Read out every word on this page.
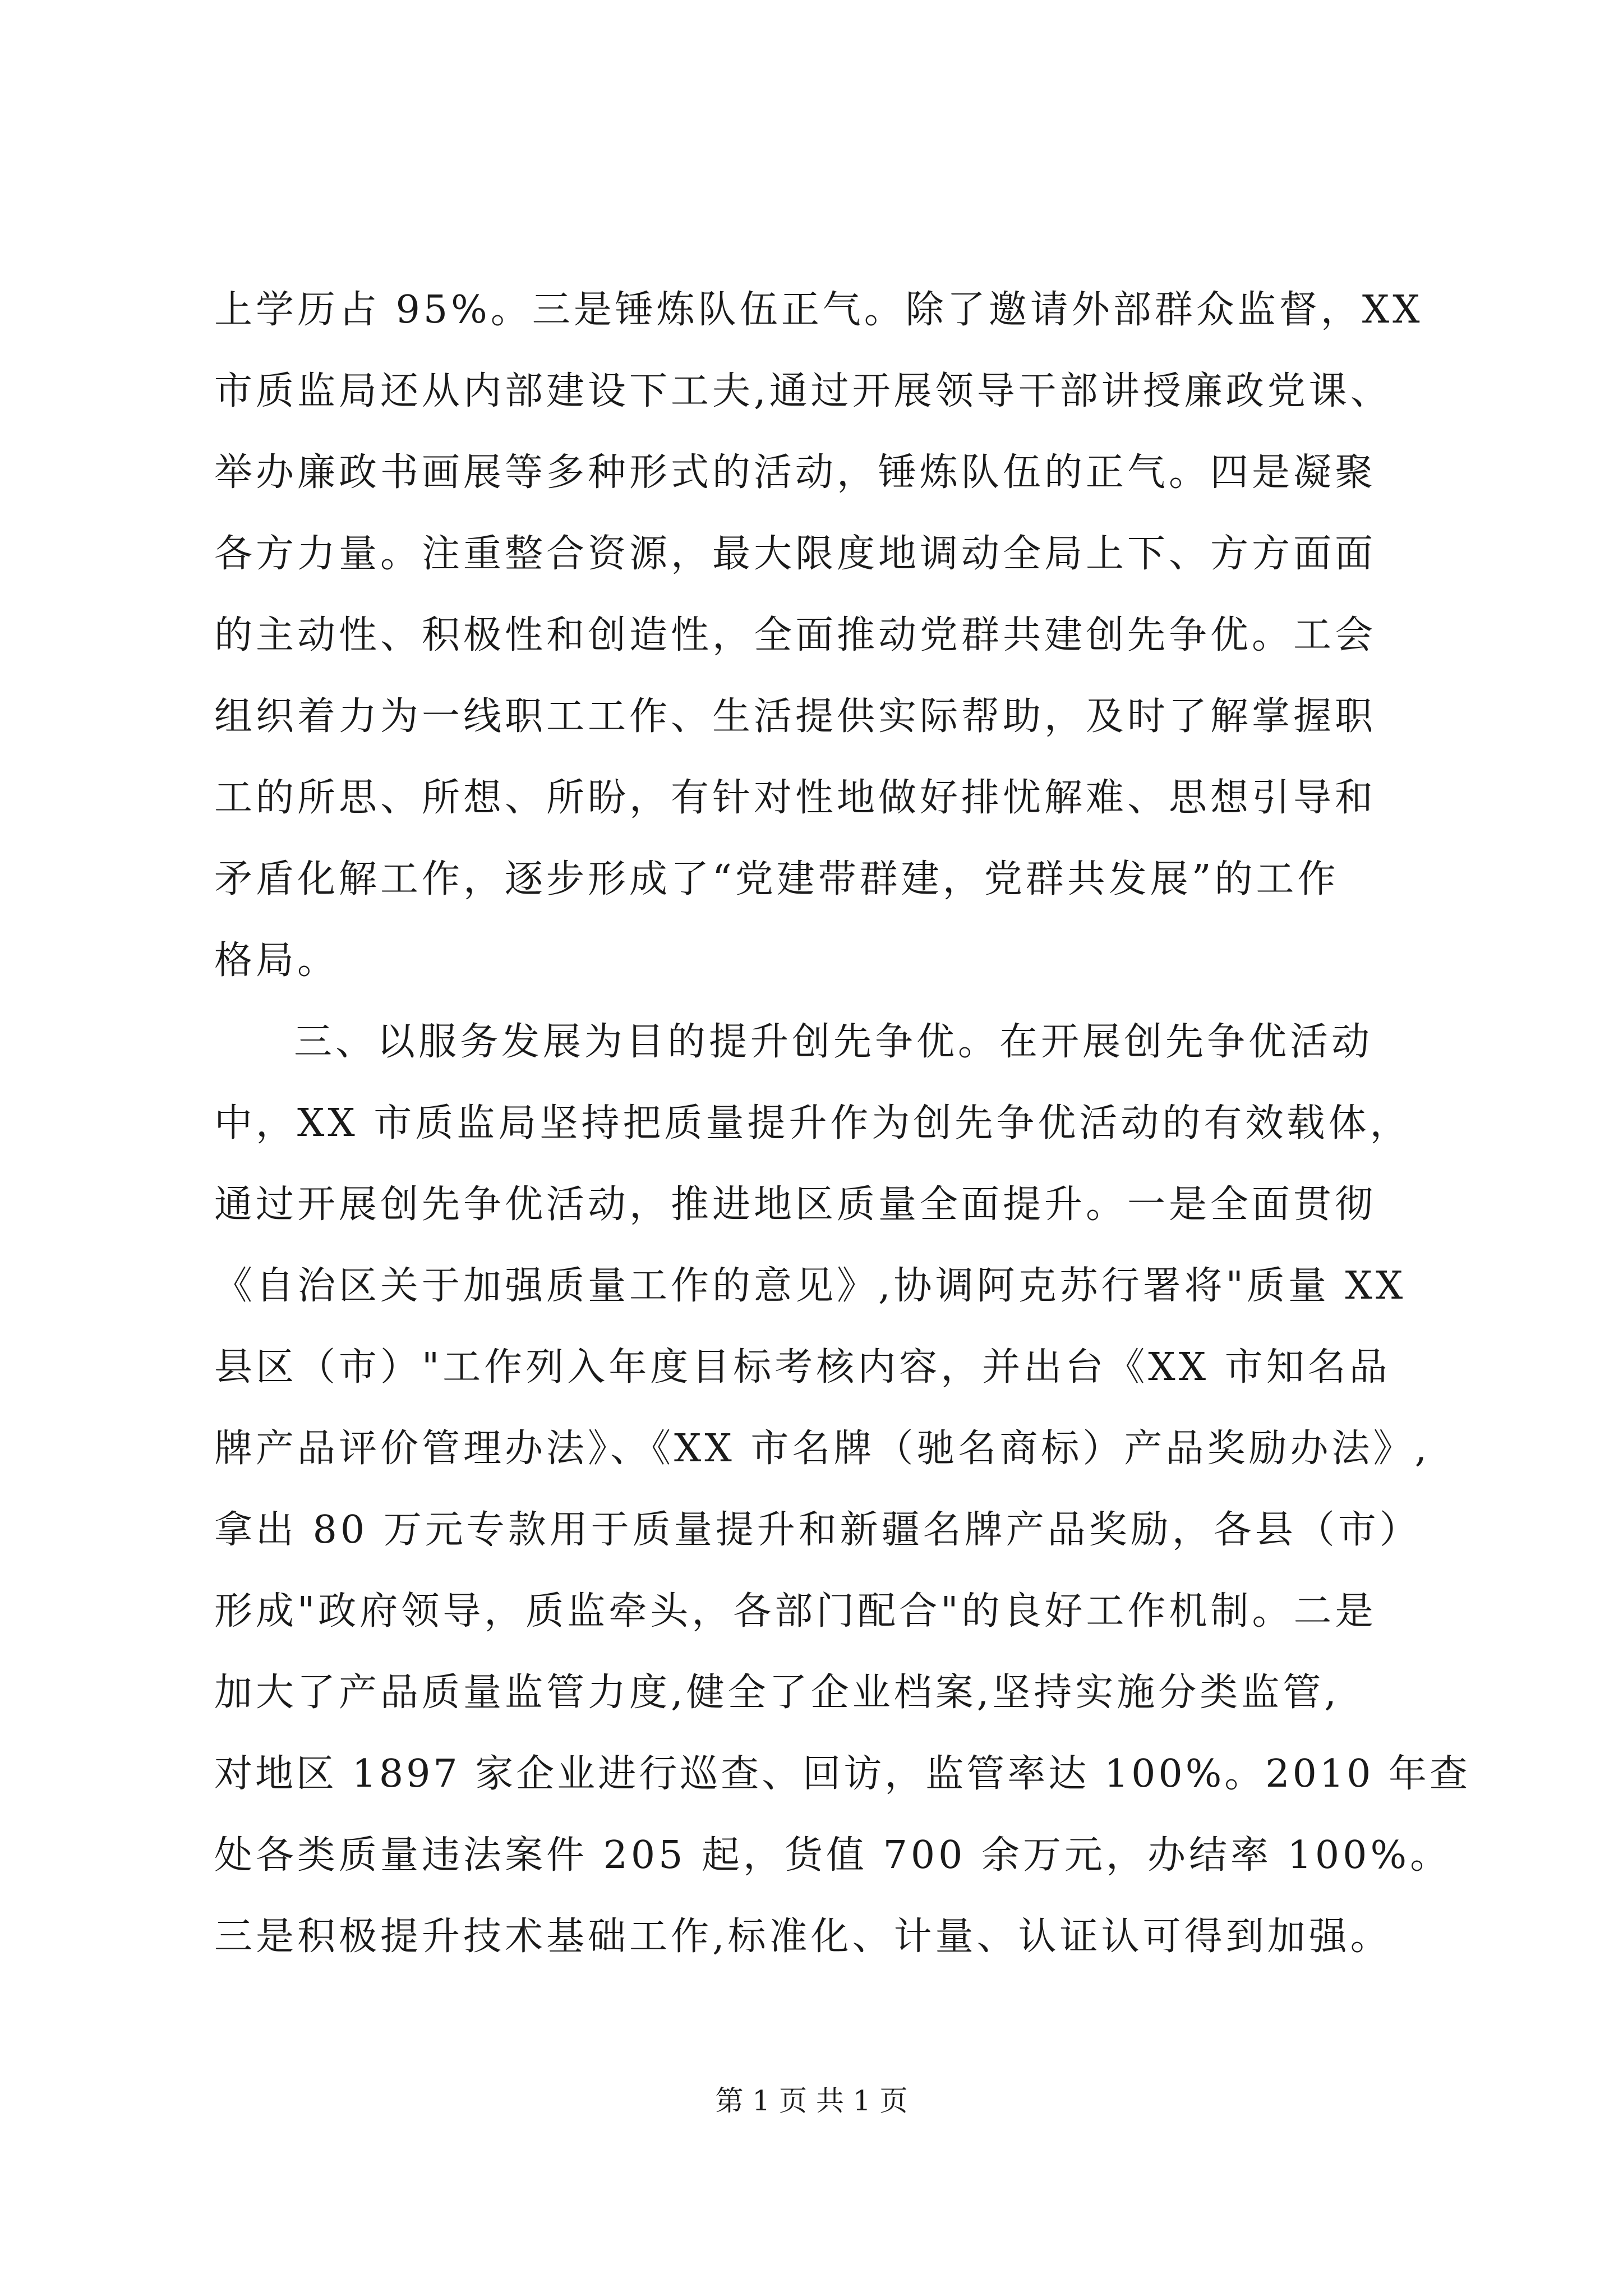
上学历占 95%。三是锤炼队伍正气。除了邀请外部群众监督，XX
市质监局还从内部建设下工夫,通过开展领导干部讲授廉政党课、
举办廉政书画展等多种形式的活动，锤炼队伍的正气。四是凝聚
各方力量。注重整合资源，最大限度地调动全局上下、方方面面
的主动性、积极性和创造性，全面推动党群共建创先争优。工会
组织着力为一线职工工作、生活提供实际帮助，及时了解掌握职
工的所思、所想、所盼，有针对性地做好排忧解难、思想引导和
矛盾化解工作，逐步形成了“党建带群建，党群共发展”的工作
格局。
三、以服务发展为目的提升创先争优。在开展创先争优活动
中，XX 市质监局坚持把质量提升作为创先争优活动的有效载体，
通过开展创先争优活动，推进地区质量全面提升。一是全面贯彻
《自治区关于加强质量工作的意见》,协调阿克苏行署将"质量 XX
县区（市）"工作列入年度目标考核内容，并出台《XX 市知名品
牌产品评价管理办法》、《XX 市名牌（驰名商标）产品奖励办法》,
拿出 80 万元专款用于质量提升和新疆名牌产品奖励，各县（市）
形成"政府领导，质监牵头，各部门配合"的良好工作机制。二是
加大了产品质量监管力度,健全了企业档案,坚持实施分类监管,
对地区 1897 家企业进行巡查、回访，监管率达 100%。2010 年查
处各类质量违法案件 205 起，货值 700 余万元，办结率 100%。
三是积极提升技术基础工作,标准化、计量、认证认可得到加强。
第 1 页 共 1 页
